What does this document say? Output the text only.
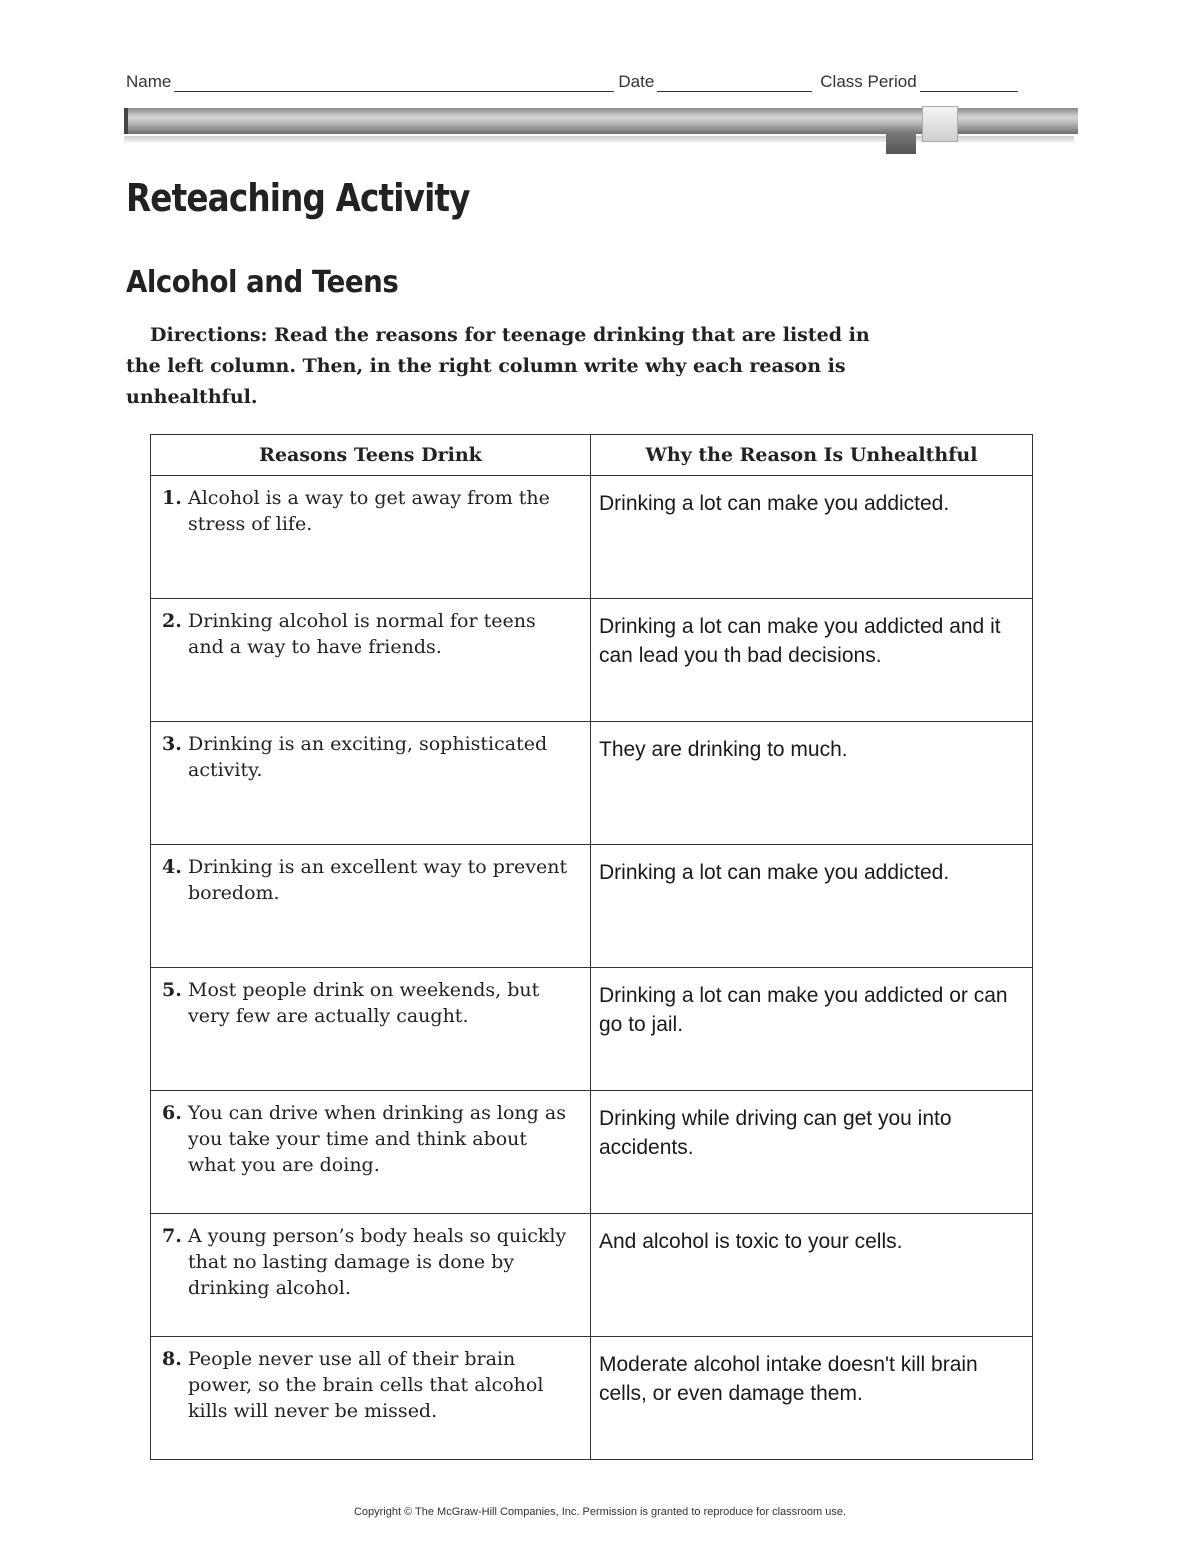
Name	Date	Class Period
Reteaching Activity
Alcohol and Teens

Directions: Read the reasons for teenage drinking that are listed in the left column. Then, in the right column write why each reason is unhealthful.

Reasons Teens Drink	Why the Reason Is Unhealthful

1. Alcohol is a way to get away from the stress of life.	Drinking a lot can make you addicted.

2. Drinking alcohol is normal for teens and a way to have friends.	Drinking a lot can make you addicted and it can lead you th bad decisions.

3. Drinking is an exciting, sophisticated activity.	They are drinking to much.

4. Drinking is an excellent way to prevent boredom.	Drinking a lot can make you addicted.

5. Most people drink on weekends, but very few are actually caught.	Drinking a lot can make you addicted or can go to jail.

6. You can drive when drinking as long as you take your time and think about what you are doing.	Drinking while driving can get you into accidents.

7. A young person’s body heals so quickly that no lasting damage is done by drinking alcohol.	And alcohol is toxic to your cells.

8. People never use all of their brain power, so the brain cells that alcohol kills will never be missed.	Moderate alcohol intake doesn't kill brain cells, or even damage them.
Copyright © The McGraw-Hill Companies, Inc. Permission is granted to reproduce for classroom use.
